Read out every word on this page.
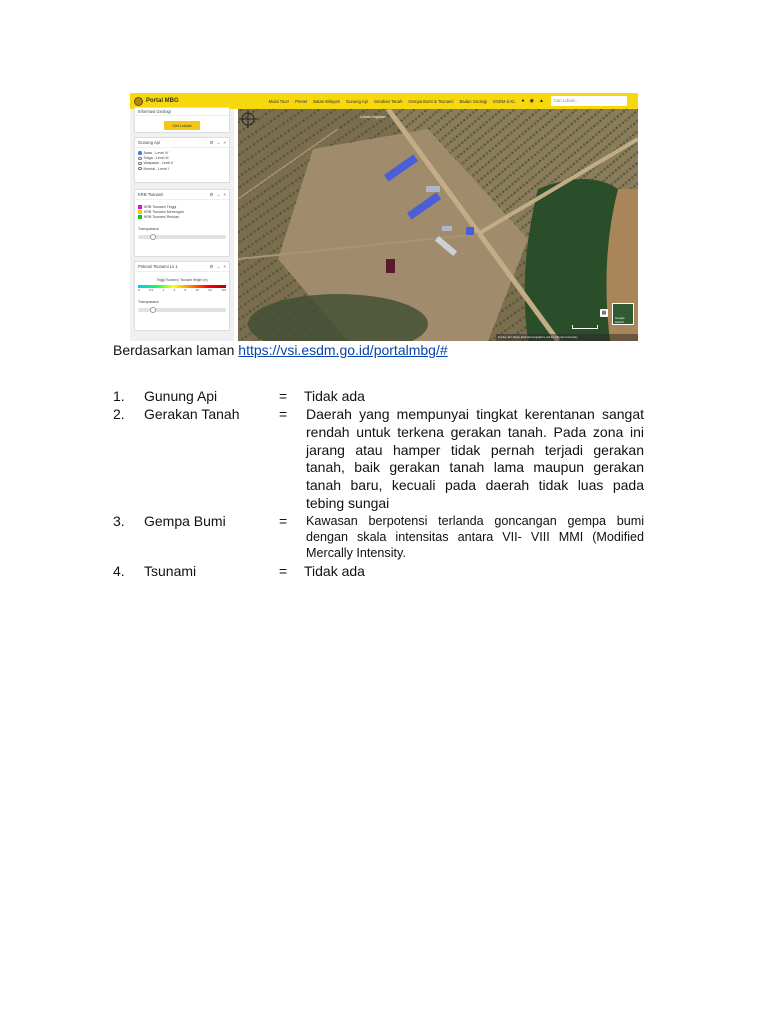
Portal MBG	Mulai Tour! Preset Batas Wilayah Gunung Api Gerakan Tanah Gempa Bumi & Tsunami Badan Geologi ESDM & KL ● ◉ ▲	Cari Lokasi...
Informasi Geologi
Get Lokasi
Gunung Api	⚙ ⌄ ×
Awas - Level IV
Siaga - Level III
Waspada - Level II
Normal - Level I
KRB Tsunami	⚙ ⌄ ×
KRB Tsunami Tinggi
KRB Tsunami Menengah
KRB Tsunami Rendah
Transparansi
Potensi Tsunami Lv 1	⚙ ⌄ ×
Tinggi Tsunami | Tsunami Height (m)
0	0.5	1	3	5	10	20	>20
Transparansi
Lokasi Kegiatan
▦
Google Hybrid
Sumber: Esri, Maxar, Earthstar Geographics, and the GIS User Community
Berdasarkan laman https://vsi.esdm.go.id/portalmbg/#
1.	Gunung Api	=	Tidak ada
2.	Gerakan Tanah	=	Daerah yang mempunyai tingkat kerentanan sangat rendah untuk terkena gerakan tanah. Pada zona ini jarang atau hamper tidak pernah terjadi gerakan tanah, baik gerakan tanah lama maupun gerakan tanah baru, kecuali pada daerah tidak luas pada tebing sungai
3.	Gempa Bumi	=	Kawasan berpotensi terlanda goncangan gempa bumi dengan skala intensitas antara VII- VIII MMI (Modified Mercally Intensity.
4.	Tsunami	=	Tidak ada
